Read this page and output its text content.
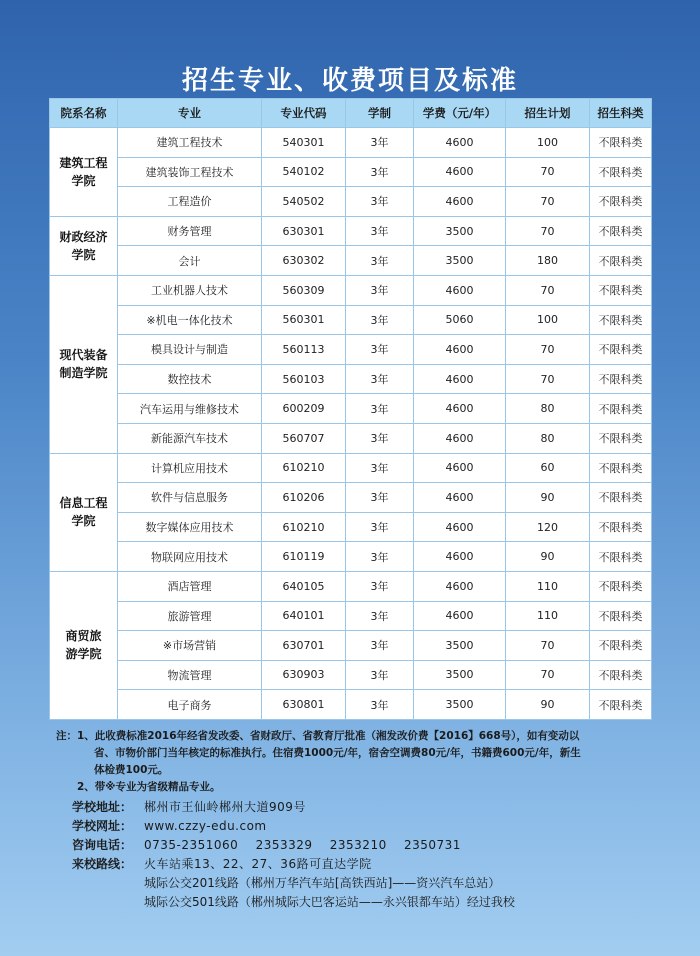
招生专业、收费项目及标准
院系名称	专业	专业代码	学制	学费（元/年）	招生计划	招生科类

建筑工程
学院	建筑工程技术	540301	3年	4600	100	不限科类
	建筑装饰工程技术	540102	3年	4600	70	不限科类
	工程造价	540502	3年	4600	70	不限科类

财政经济
学院	财务管理	630301	3年	3500	70	不限科类
	会计	630302	3年	3500	180	不限科类

现代装备
制造学院	工业机器人技术	560309	3年	4600	70	不限科类
	※机电一体化技术	560301	3年	5060	100	不限科类
	模具设计与制造	560113	3年	4600	70	不限科类
	数控技术	560103	3年	4600	70	不限科类
	汽车运用与维修技术	600209	3年	4600	80	不限科类
	新能源汽车技术	560707	3年	4600	80	不限科类

信息工程
学院	计算机应用技术	610210	3年	4600	60	不限科类
	软件与信息服务	610206	3年	4600	90	不限科类
	数字媒体应用技术	610210	3年	4600	120	不限科类
	物联网应用技术	610119	3年	4600	90	不限科类

商贸旅
游学院	酒店管理	640105	3年	4600	110	不限科类
	旅游管理	640101	3年	4600	110	不限科类
	※市场营销	630701	3年	3500	70	不限科类
	物流管理	630903	3年	3500	70	不限科类
	电子商务	630801	3年	3500	90	不限科类
注：1、此收费标准2016年经省发改委、省财政厅、省教育厅批准（湘发改价费【2016】668号），如有变动以
省、市物价部门当年核定的标准执行。住宿费1000元/年，宿舍空调费80元/年，书籍费600元/年，新生
体检费100元。
2、带※专业为省级精品专业。
学校地址： 郴州市王仙岭郴州大道909号
学校网址： www.czzy-edu.com
咨询电话： 0735-2351060    2353329    2353210    2350731
来校路线： 火车站乘13、22、27、36路可直达学院
城际公交201线路（郴州万华汽车站[高铁西站]——资兴汽车总站）
城际公交501线路（郴州城际大巴客运站——永兴银都车站）经过我校
